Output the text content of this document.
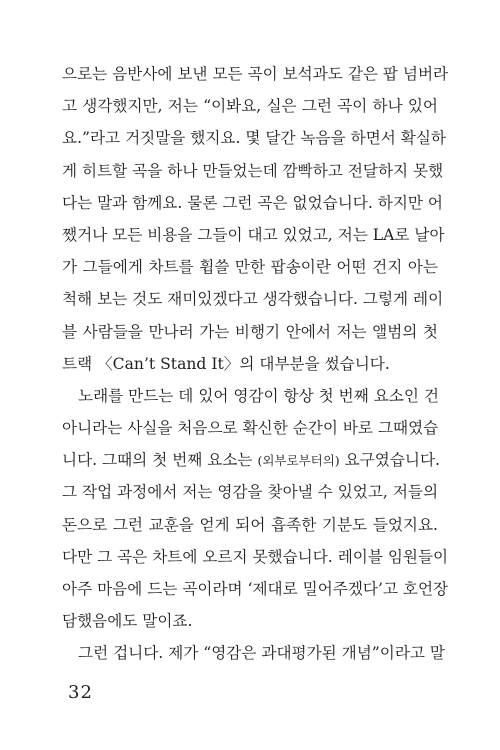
으로는 음반사에 보낸 모든 곡이 보석과도 같은 팝 넘버라
고 생각했지만, 저는 “이봐요, 실은 그런 곡이 하나 있어
요.”라고 거짓말을 했지요. 몇 달간 녹음을 하면서 확실하
게 히트할 곡을 하나 만들었는데 깜빡하고 전달하지 못했
다는 말과 함께요. 물론 그런 곡은 없었습니다. 하지만 어
쨌거나 모든 비용을 그들이 대고 있었고, 저는 LA로 날아
가 그들에게 차트를 휩쓸 만한 팝송이란 어떤 건지 아는
척해 보는 것도 재미있겠다고 생각했습니다. 그렇게 레이
블 사람들을 만나러 가는 비행기 안에서 저는 앨범의 첫
트랙 〈Can’t Stand It〉의 대부분을 썼습니다.
노래를 만드는 데 있어 영감이 항상 첫 번째 요소인 건
아니라는 사실을 처음으로 확신한 순간이 바로 그때였습
니다. 그때의 첫 번째 요소는 (외부로부터의) 요구였습니다.
그 작업 과정에서 저는 영감을 찾아낼 수 있었고, 저들의
돈으로 그런 교훈을 얻게 되어 흡족한 기분도 들었지요.
다만 그 곡은 차트에 오르지 못했습니다. 레이블 임원들이
아주 마음에 드는 곡이라며 ‘제대로 밀어주겠다’고 호언장
담했음에도 말이죠.
그런 겁니다. 제가 “영감은 과대평가된 개념”이라고 말
32
